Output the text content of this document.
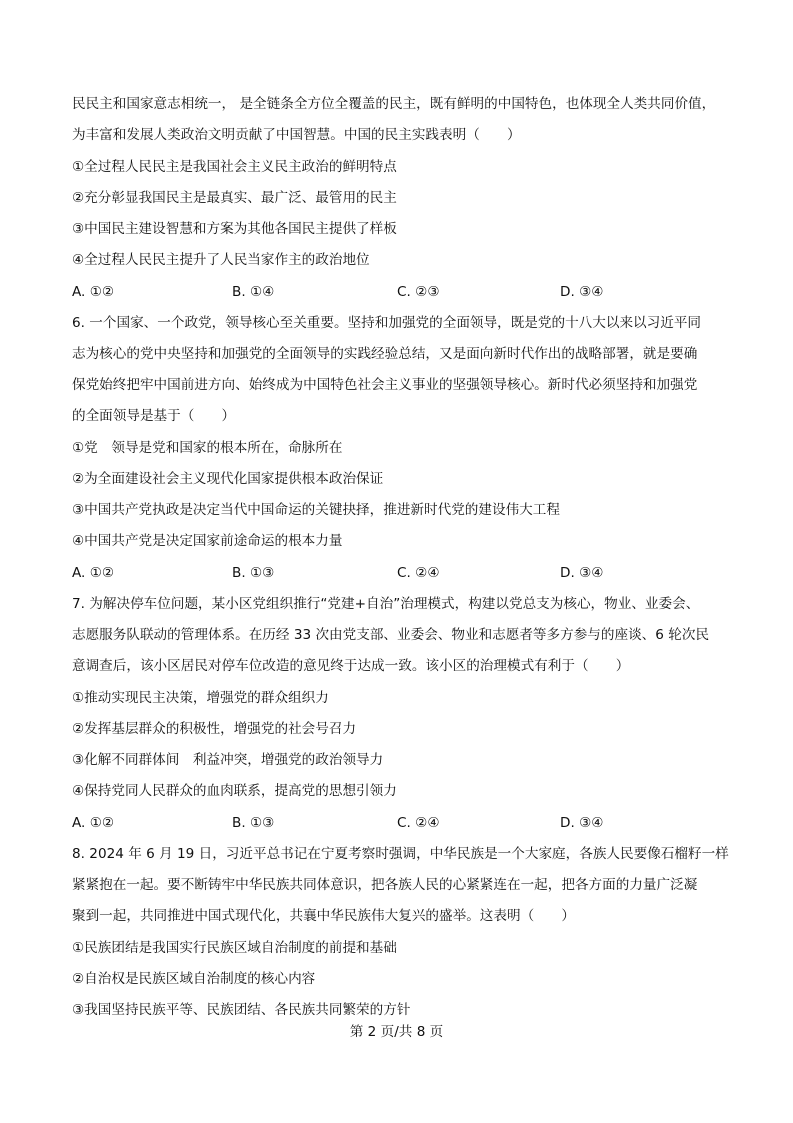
民民主和国家意志相统一， 是全链条全方位全覆盖的民主，既有鲜明的中国特色，也体现全人类共同价值，
为丰富和发展人类政治文明贡献了中国智慧。中国的民主实践表明（　　）
①全过程人民民主是我国社会主义民主政治的鲜明特点
②充分彰显我国民主是最真实、最广泛、最管用的民主
③中国民主建设智慧和方案为其他各国民主提供了样板
④全过程人民民主提升了人民当家作主的政治地位
A. ①②	B. ①④	C. ②③	D. ③④
6. 一个国家、一个政党，领导核心至关重要。坚持和加强党的全面领导，既是党的十八大以来以习近平同
志为核心的党中央坚持和加强党的全面领导的实践经验总结，又是面向新时代作出的战略部署，就是要确
保党始终把牢中国前进方向、始终成为中国特色社会主义事业的坚强领导核心。新时代必须坚持和加强党
的全面领导是基于（　　）
①党　领导是党和国家的根本所在，命脉所在
②为全面建设社会主义现代化国家提供根本政治保证
③中国共产党执政是决定当代中国命运的关键抉择，推进新时代党的建设伟大工程
④中国共产党是决定国家前途命运的根本力量
A. ①②	B. ①③	C. ②④	D. ③④
7. 为解决停车位问题，某小区党组织推行“党建+自治”治理模式，构建以党总支为核心，物业、业委会、
志愿服务队联动的管理体系。在历经 33 次由党支部、业委会、物业和志愿者等多方参与的座谈、6 轮次民
意调查后，该小区居民对停车位改造的意见终于达成一致。该小区的治理模式有利于（　　）
①推动实现民主决策，增强党的群众组织力
②发挥基层群众的积极性，增强党的社会号召力
③化解不同群体间　利益冲突，增强党的政治领导力
④保持党同人民群众的血肉联系，提高党的思想引领力
A. ①②	B. ①③	C. ②④	D. ③④
8. 2024 年 6 月 19 日，习近平总书记在宁夏考察时强调，中华民族是一个大家庭，各族人民要像石榴籽一样
紧紧抱在一起。要不断铸牢中华民族共同体意识，把各族人民的心紧紧连在一起，把各方面的力量广泛凝
聚到一起，共同推进中国式现代化，共襄中华民族伟大复兴的盛举。这表明（　　）
①民族团结是我国实行民族区域自治制度的前提和基础
②自治权是民族区域自治制度的核心内容
③我国坚持民族平等、民族团结、各民族共同繁荣的方针
第 2 页/共 8 页
